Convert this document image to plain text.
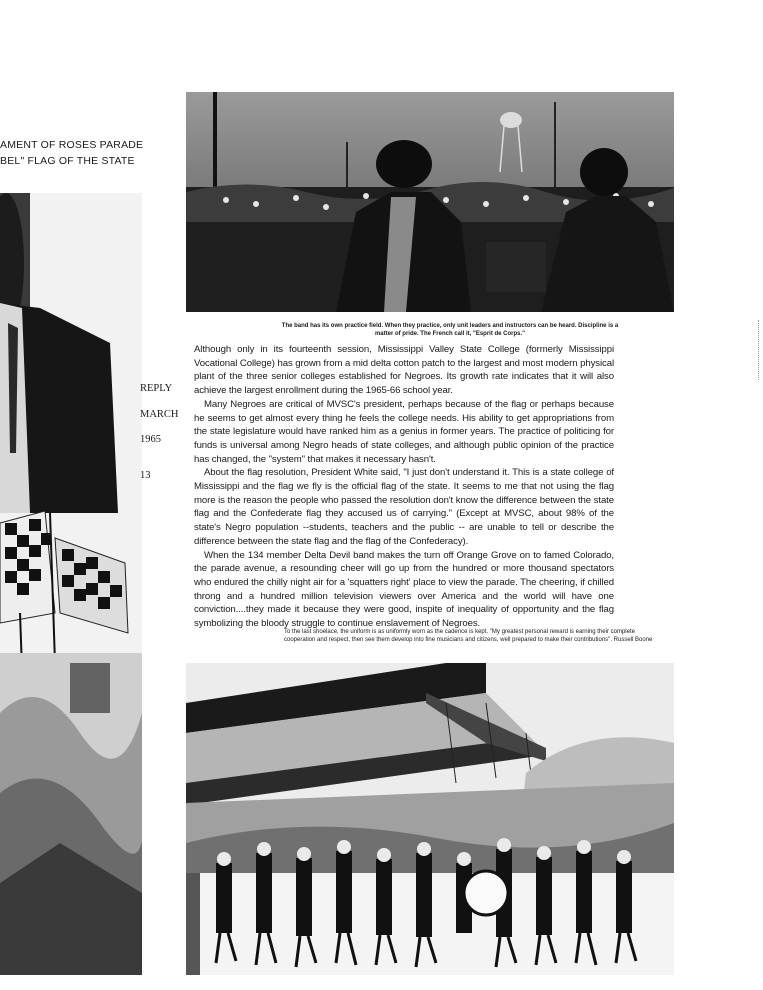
AMENT OF ROSES PARADE
BEL" FLAG OF THE STATE
REPLY
MARCH
1965
13
The band has its own practice field. When they practice, only unit leaders and instructors can be heard. Discipline is a matter of pride. The French call it, "Esprit de Corps."

Although only in its fourteenth session, Mississippi Valley State College (formerly Mississippi Vocational College) has grown from a mid delta cotton patch to the largest and most modern physical plant of the three senior colleges established for Negroes. Its growth rate indicates that it will also achieve the largest enrollment during the 1965-66 school year.

Many Negroes are critical of MVSC's president, perhaps because of the flag or perhaps because he seems to get almost every thing he feels the college needs. His ability to get appropriations from the state legislature would have ranked him as a genius in former years. The practice of politicing for funds is universal among Negro heads of state colleges, and although public opinion of the practice has changed, the "system" that makes it necessary hasn't.

About the flag resolution, President White said, "I just don't understand it. This is a state college of Mississippi and the flag we fly is the official flag of the state. It seems to me that not using the flag more is the reason the people who passed the resolution don't know the difference between the state flag and the Confederate flag they accused us of carrying." (Except at MVSC, about 98% of the state's Negro population --students, teachers and the public -- are unable to tell or describe the difference between the state flag and the flag of the Confederacy).

When the 134 member Delta Devil band makes the turn off Orange Grove on to famed Colorado, the parade avenue, a resounding cheer will go up from the hundred or more thousand spectators who endured the chilly night air for a 'squatters right' place to view the parade. The cheering, if chilled throng and a hundred million television viewers over America and the world will have one conviction....they made it because they were good, inspite of inequality of opportunity and the flag symbolizing the bloody struggle to continue enslavement of Negroes.

To the last shoelace, the uniform is as uniformly worn as the cadence is kept. "My greatest personal reward is earning their complete cooperation and respect, then see them develop into fine musicians and citizens, well prepared to make their contributions". Russell Boone
